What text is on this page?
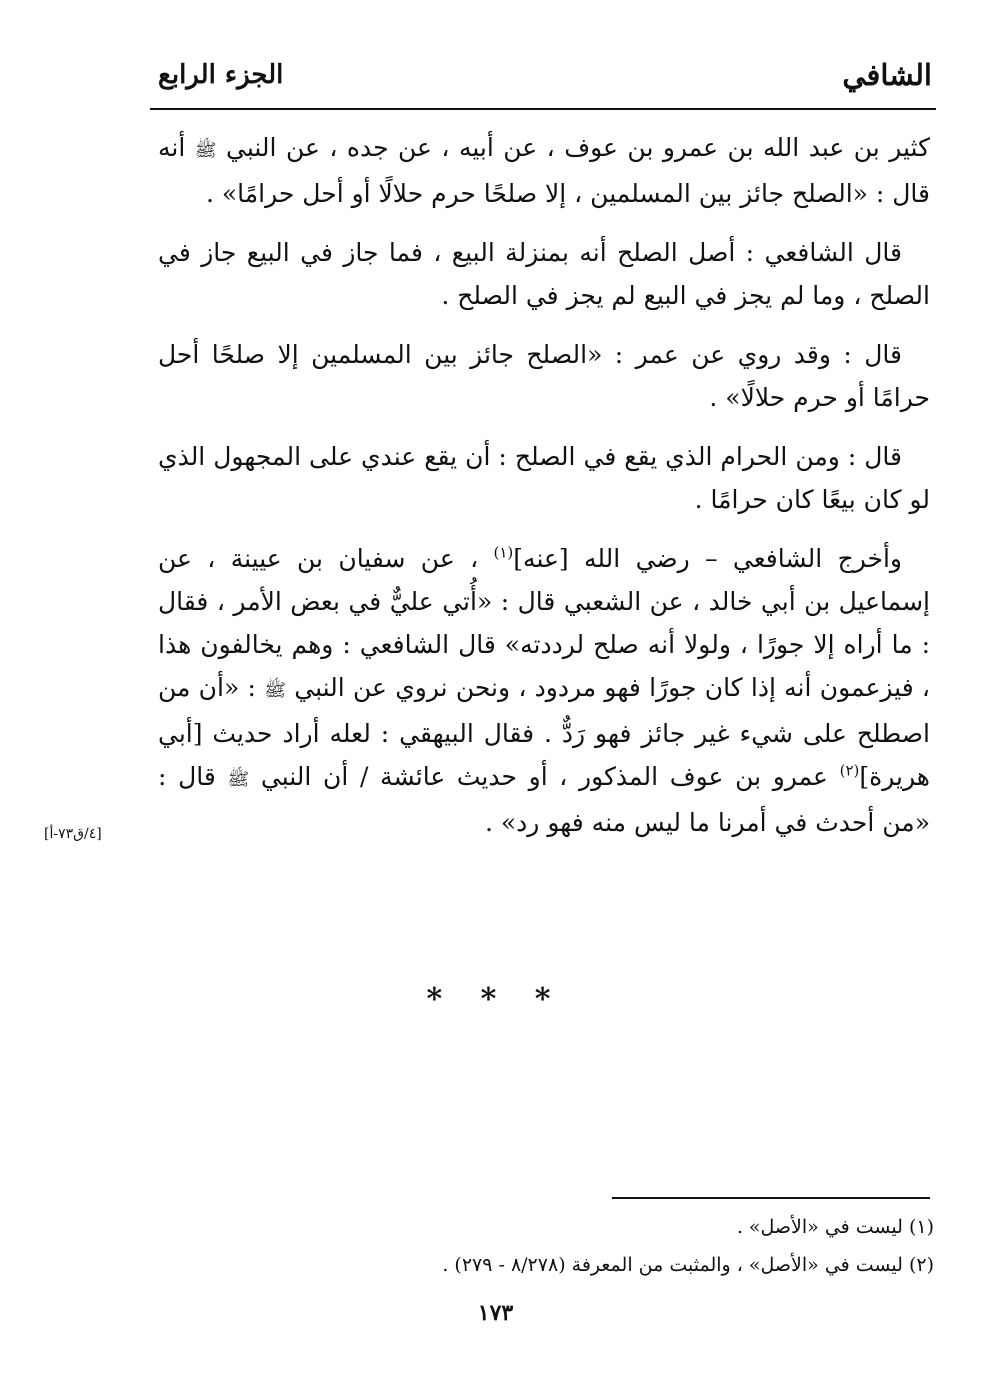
الشافي
الجزء الرابع

كثير بن عبد الله بن عمرو بن عوف ، عن أبيه ، عن جده ، عن النبي ﷺ أنه قال : «الصلح جائز بين المسلمين ، إلا صلحًا حرم حلالًا أو أحل حرامًا» .

قال الشافعي : أصل الصلح أنه بمنزلة البيع ، فما جاز في البيع جاز في الصلح ، وما لم يجز في البيع لم يجز في الصلح .

قال : وقد روي عن عمر : «الصلح جائز بين المسلمين إلا صلحًا أحل حرامًا أو حرم حلالًا» .

قال : ومن الحرام الذي يقع في الصلح : أن يقع عندي على المجهول الذي لو كان بيعًا كان حرامًا .

وأخرج الشافعي – رضي الله [عنه]$^{(١)}$ ، عن سفيان بن عيينة ، عن إسماعيل بن أبي خالد ، عن الشعبي قال : «أُتي عليٌّ في بعض الأمر ، فقال : ما أراه إلا جورًا ، ولولا أنه صلح لرددته» قال الشافعي : وهم يخالفون هذا ، فيزعمون أنه إذا كان جورًا فهو مردود ، ونحن نروي عن النبي ﷺ : «أن من اصطلح على شيء غير جائز فهو رَدٌّ . فقال البيهقي : لعله أراد حديث [أبي هريرة]$^{(٢)}$ عمرو بن عوف المذكور ، أو حديث عائشة / أن النبي ﷺ قال : «من أحدث في أمرنا ما ليس منه فهو رد» .

[٤/ق٧٣-أ]
* * *

(١) ليست في «الأصل» .

(٢) ليست في «الأصل» ، والمثبت من المعرفة (٨/٢٧٨ - ٢٧٩) .

١٧٣
